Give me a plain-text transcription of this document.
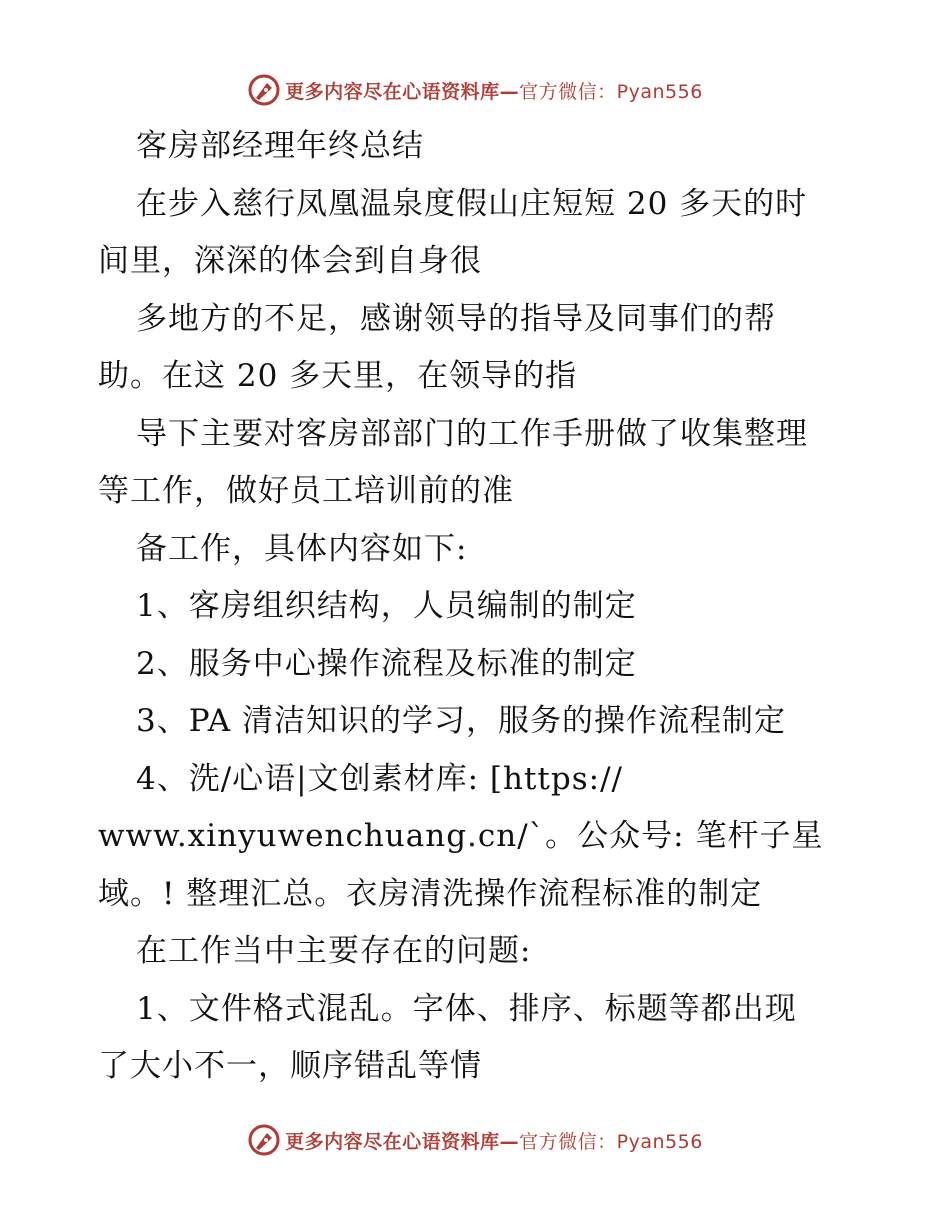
更多内容尽在心语资料库—官方微信：Pyan556
客房部经理年终总结
在步入慈行凤凰温泉度假山庄短短 20 多天的时
间里，深深的体会到自身很
多地方的不足，感谢领导的指导及同事们的帮
助。在这 20 多天里，在领导的指
导下主要对客房部部门的工作手册做了收集整理
等工作，做好员工培训前的准
备工作，具体内容如下:
1、客房组织结构，人员编制的制定
2、服务中心操作流程及标准的制定
3、PA 清洁知识的学习，服务的操作流程制定
4、洗/心语|文创素材库: [https://
www.xinyuwenchuang.cn/`。公众号: 笔杆子星
域。! 整理汇总。衣房清洗操作流程标准的制定
在工作当中主要存在的问题:
1、文件格式混乱。字体、排序、标题等都出现
了大小不一，顺序错乱等情
更多内容尽在心语资料库—官方微信：Pyan556
